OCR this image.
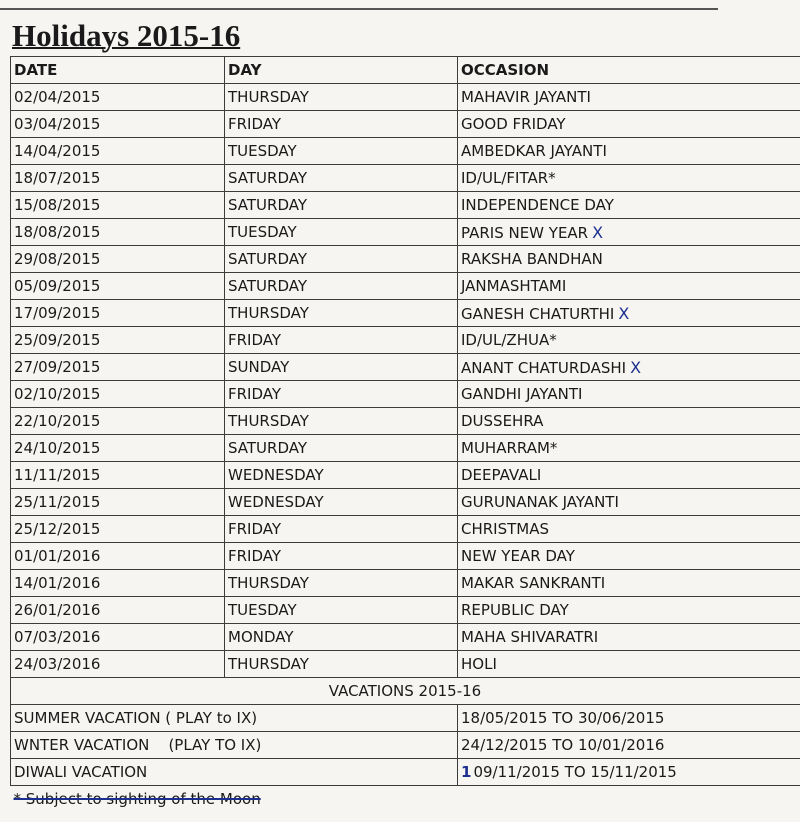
Holidays 2015-16
DATE	DAY	OCCASION
02/04/2015	THURSDAY	MAHAVIR JAYANTI
03/04/2015	FRIDAY	GOOD FRIDAY
14/04/2015	TUESDAY	AMBEDKAR JAYANTI
18/07/2015	SATURDAY	ID/UL/FITAR*
15/08/2015	SATURDAY	INDEPENDENCE DAY
18/08/2015	TUESDAY	PARIS NEW YEAR X
29/08/2015	SATURDAY	RAKSHA BANDHAN
05/09/2015	SATURDAY	JANMASHTAMI
17/09/2015	THURSDAY	GANESH CHATURTHI X
25/09/2015	FRIDAY	ID/UL/ZHUA*
27/09/2015	SUNDAY	ANANT CHATURDASHI X
02/10/2015	FRIDAY	GANDHI JAYANTI
22/10/2015	THURSDAY	DUSSEHRA
24/10/2015	SATURDAY	MUHARRAM*
11/11/2015	WEDNESDAY	DEEPAVALI
25/11/2015	WEDNESDAY	GURUNANAK JAYANTI
25/12/2015	FRIDAY	CHRISTMAS
01/01/2016	FRIDAY	NEW YEAR DAY
14/01/2016	THURSDAY	MAKAR SANKRANTI
26/01/2016	TUESDAY	REPUBLIC DAY
07/03/2016	MONDAY	MAHA SHIVARATRI
24/03/2016	THURSDAY	HOLI
VACATIONS 2015-16		
SUMMER VACATION ( PLAY to IX)		18/05/2015 TO 30/06/2015
WNTER VACATION    (PLAY TO IX)		24/12/2015 TO 10/01/2016
DIWALI VACATION		1 09/11/2015 TO 15/11/2015
* Subject to sighting of the Moon		
